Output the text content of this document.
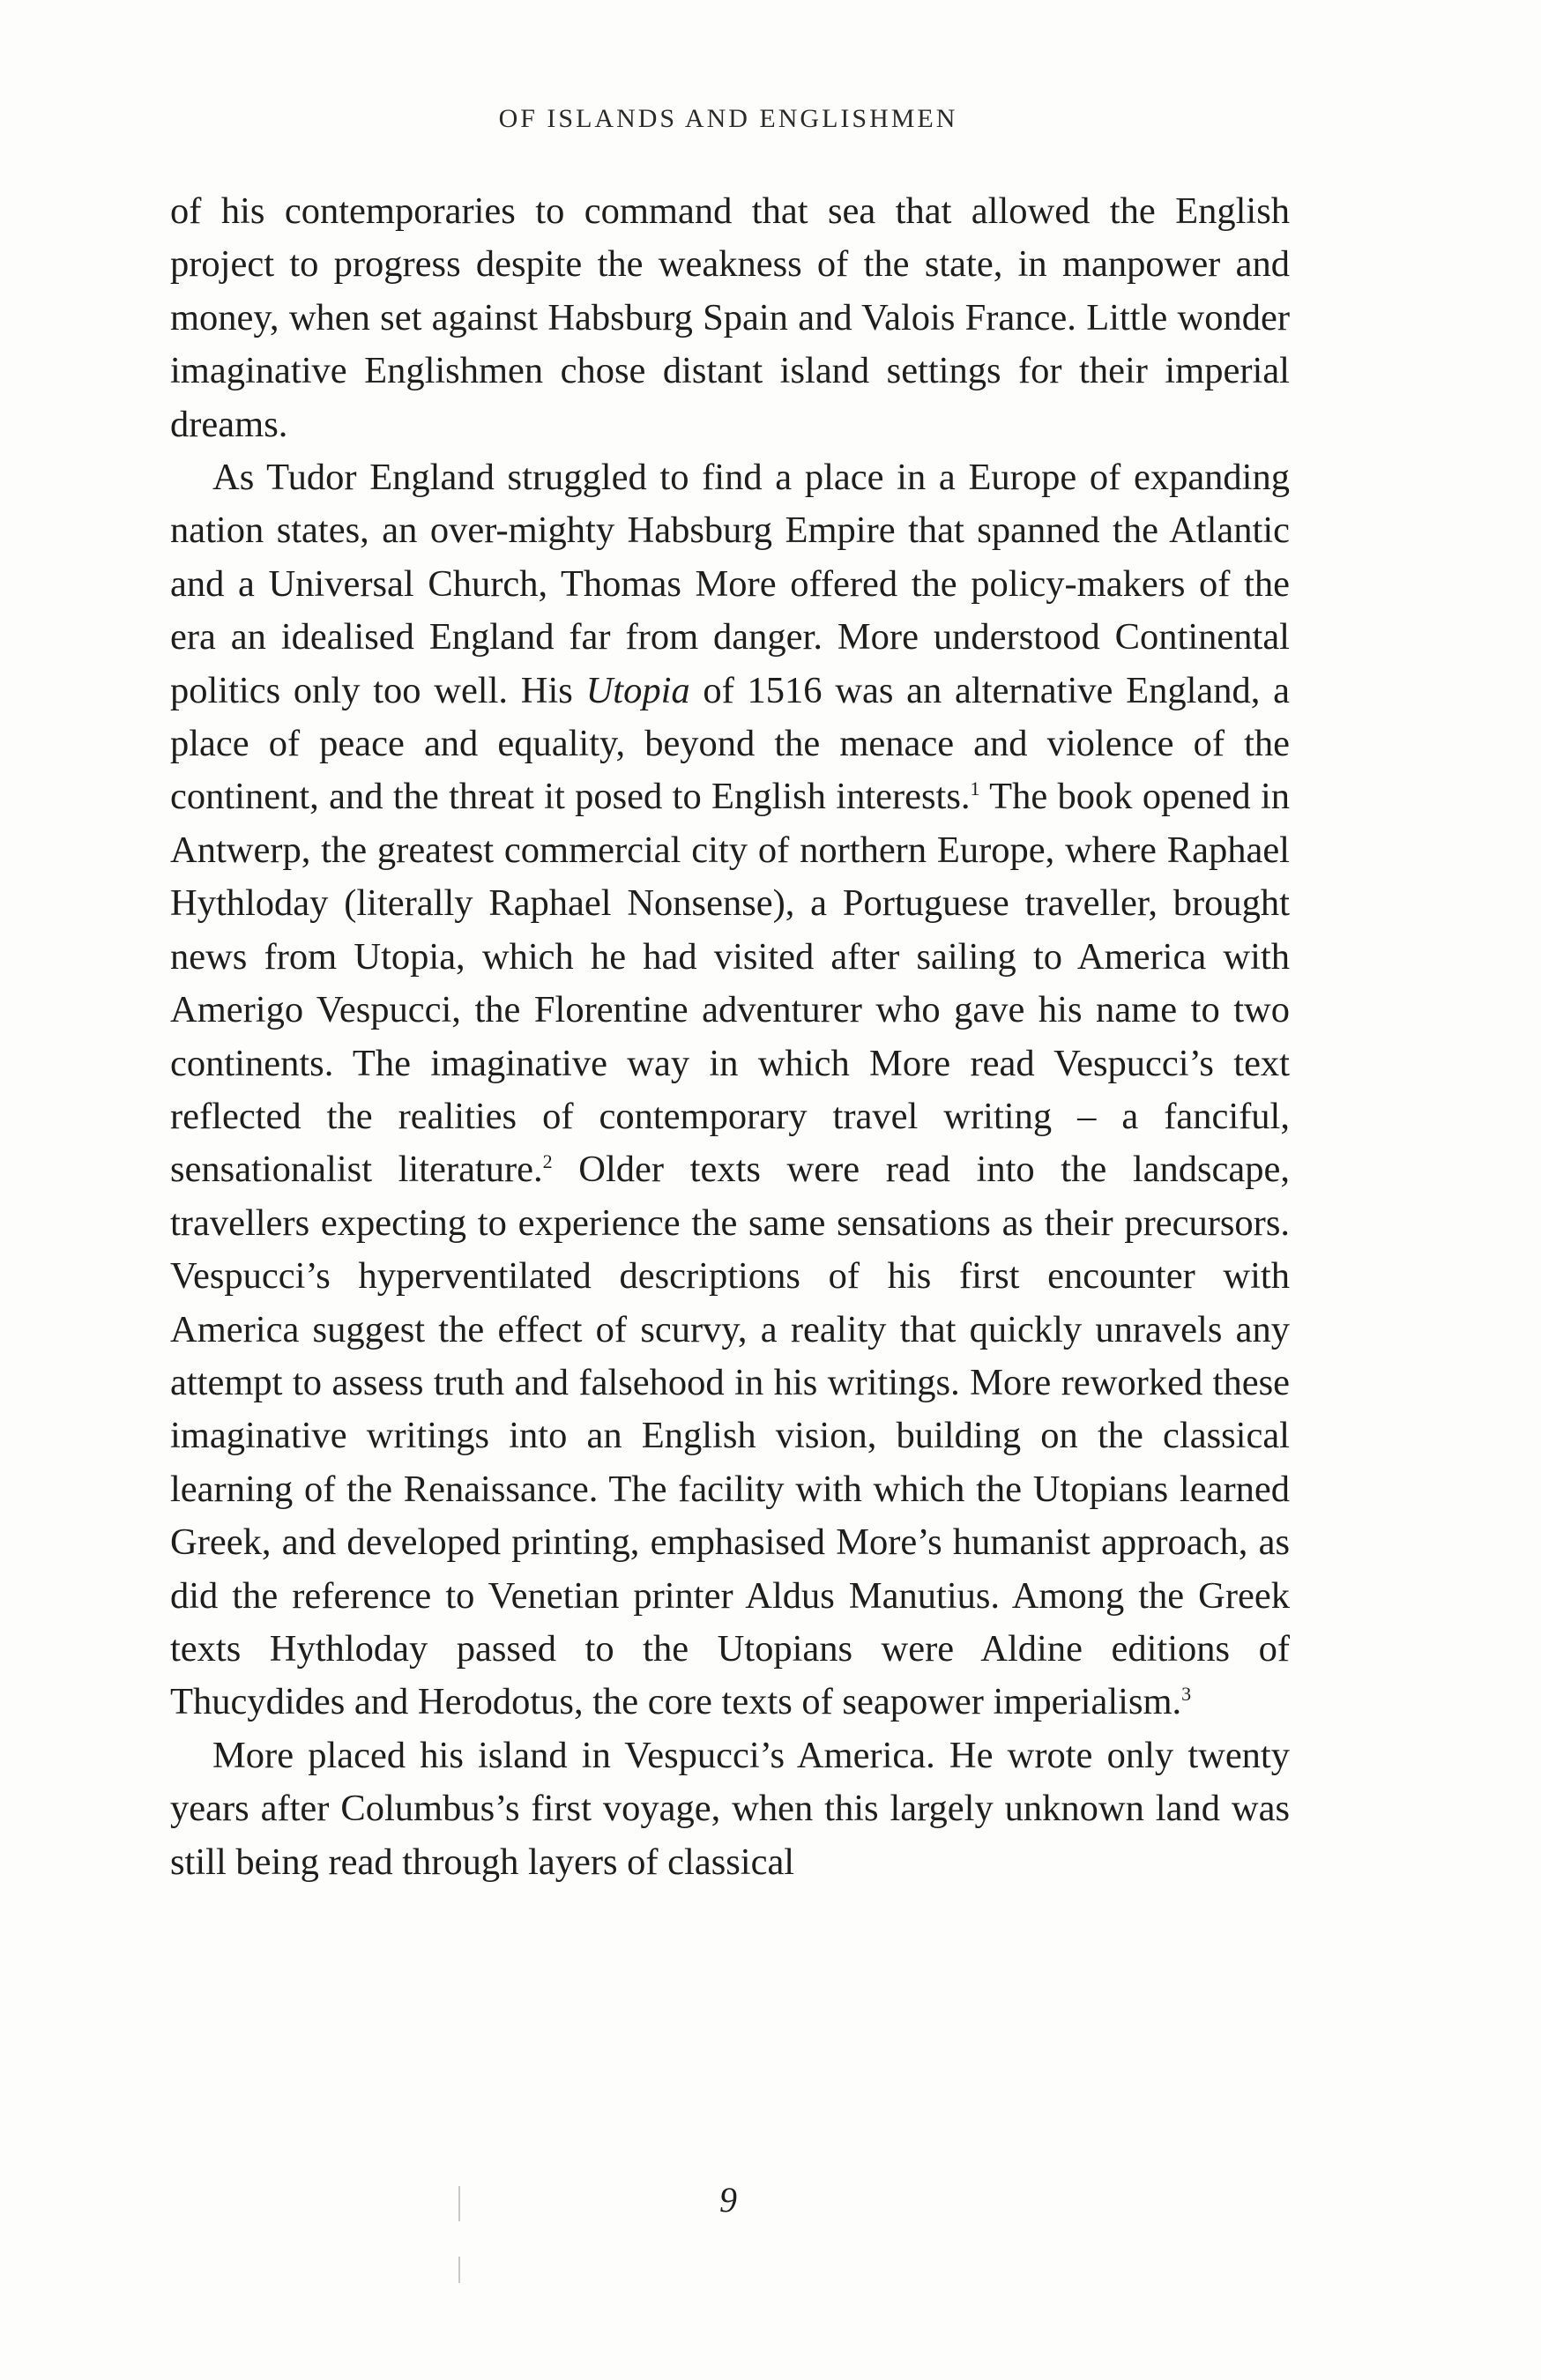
OF ISLANDS AND ENGLISHMEN

of his contemporaries to command that sea that allowed the English project to progress despite the weakness of the state, in manpower and money, when set against Habsburg Spain and Valois France. Little wonder imaginative Englishmen chose distant island settings for their imperial dreams.

As Tudor England struggled to find a place in a Europe of expanding nation states, an over-mighty Habsburg Empire that spanned the Atlantic and a Universal Church, Thomas More offered the policy-makers of the era an idealised England far from danger. More understood Continental politics only too well. His Utopia of 1516 was an alternative England, a place of peace and equality, beyond the menace and violence of the continent, and the threat it posed to English interests.$^1$ The book opened in Antwerp, the greatest commercial city of northern Europe, where Raphael Hythloday (literally Raphael Nonsense), a Portuguese traveller, brought news from Utopia, which he had visited after sailing to America with Amerigo Vespucci, the Florentine adventurer who gave his name to two continents. The imaginative way in which More read Vespucci’s text reflected the realities of contemporary travel writing – a fanciful, sensationalist literature.$^2$ Older texts were read into the landscape, travellers expecting to experience the same sensations as their precursors. Vespucci’s hyperventilated descriptions of his first encounter with America suggest the effect of scurvy, a reality that quickly unravels any attempt to assess truth and falsehood in his writings. More reworked these imaginative writings into an English vision, building on the classical learning of the Renaissance. The facility with which the Utopians learned Greek, and developed printing, emphasised More’s humanist approach, as did the reference to Venetian printer Aldus Manutius. Among the Greek texts Hythloday passed to the Utopians were Aldine editions of Thucydides and Herodotus, the core texts of seapower imperialism.$^3$

More placed his island in Vespucci’s America. He wrote only twenty years after Columbus’s first voyage, when this largely unknown land was still being read through layers of classical

9
